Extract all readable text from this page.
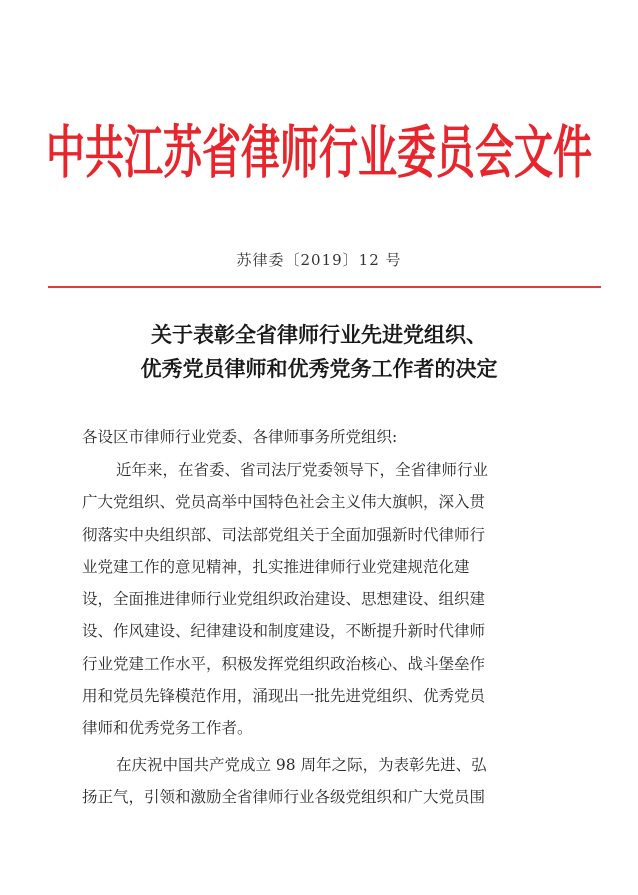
中共江苏省律师行业委员会文件
苏律委〔2019〕12 号
关于表彰全省律师行业先进党组织、
优秀党员律师和优秀党务工作者的决定
各设区市律师行业党委、各律师事务所党组织:
近年来，在省委、省司法厅党委领导下，全省律师行业
广大党组织、党员高举中国特色社会主义伟大旗帜，深入贯
彻落实中央组织部、司法部党组关于全面加强新时代律师行
业党建工作的意见精神，扎实推进律师行业党建规范化建
设，全面推进律师行业党组织政治建设、思想建设、组织建
设、作风建设、纪律建设和制度建设，不断提升新时代律师
行业党建工作水平，积极发挥党组织政治核心、战斗堡垒作
用和党员先锋模范作用，涌现出一批先进党组织、优秀党员
律师和优秀党务工作者。
在庆祝中国共产党成立 98 周年之际，为表彰先进、弘
扬正气，引领和激励全省律师行业各级党组织和广大党员围
